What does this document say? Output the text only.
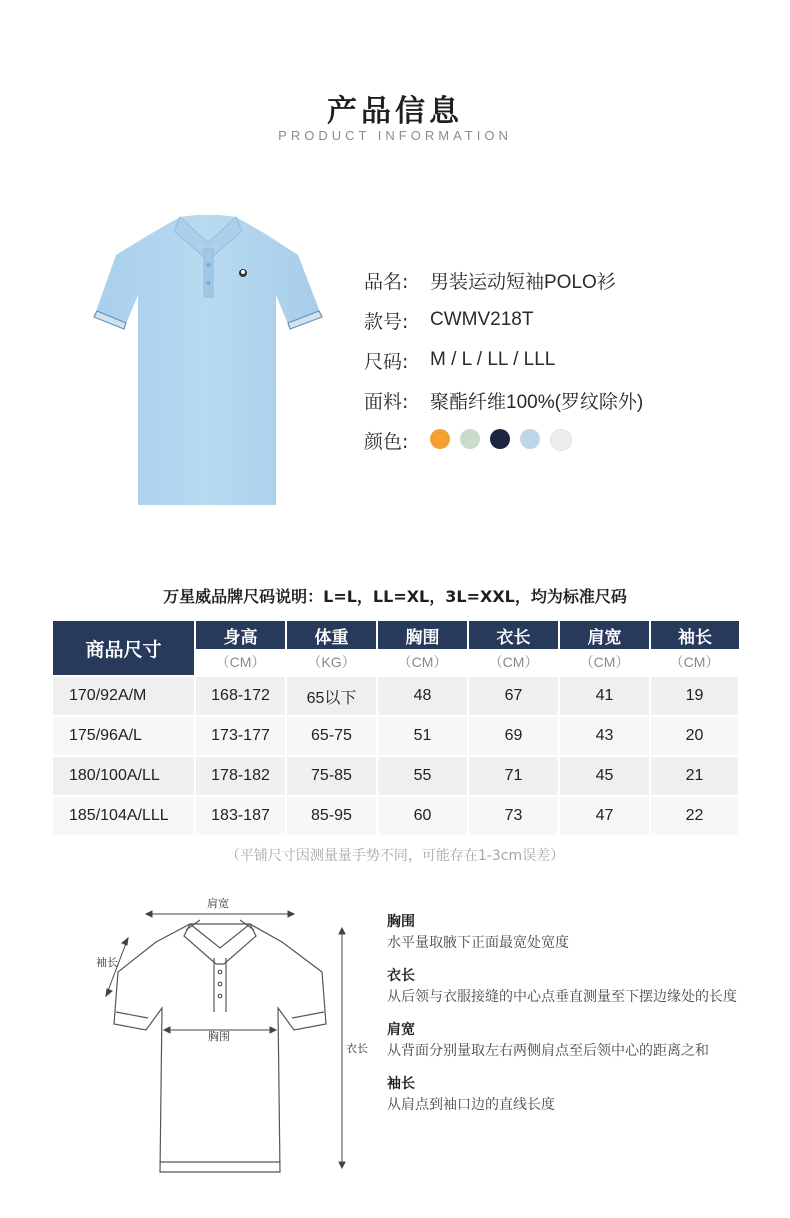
产品信息
PRODUCT INFORMATION
品名:	男装运动短袖POLO衫
款号:	CWMV218T
尺码:	M / L / LL / LLL
面料:	聚酯纤维100%(罗纹除外)
颜色:
万星威品牌尺码说明：L=L，LL=XL，3L=XXL，均为标准尺码
商品尺寸	身高	体重	胸围	衣长	肩宽	袖长
	（CM）	（KG）	（CM）	（CM）	（CM）	（CM）
170/92A/M	168-172	65以下	48	67	41	19
175/96A/L	173-177	65-75	51	69	43	20
180/100A/LL	178-182	75-85	55	71	45	21
185/104A/LLL	183-187	85-95	60	73	47	22
（平铺尺寸因测量量手势不同，可能存在1-3cm误差）
肩宽
袖长
胸围
衣长
胸围
水平量取腋下正面最宽处宽度
衣长
从后领与衣服接缝的中心点垂直测量至下摆边缘处的长度
肩宽
从背面分别量取左右两侧肩点至后领中心的距离之和
袖长
从肩点到袖口边的直线长度
